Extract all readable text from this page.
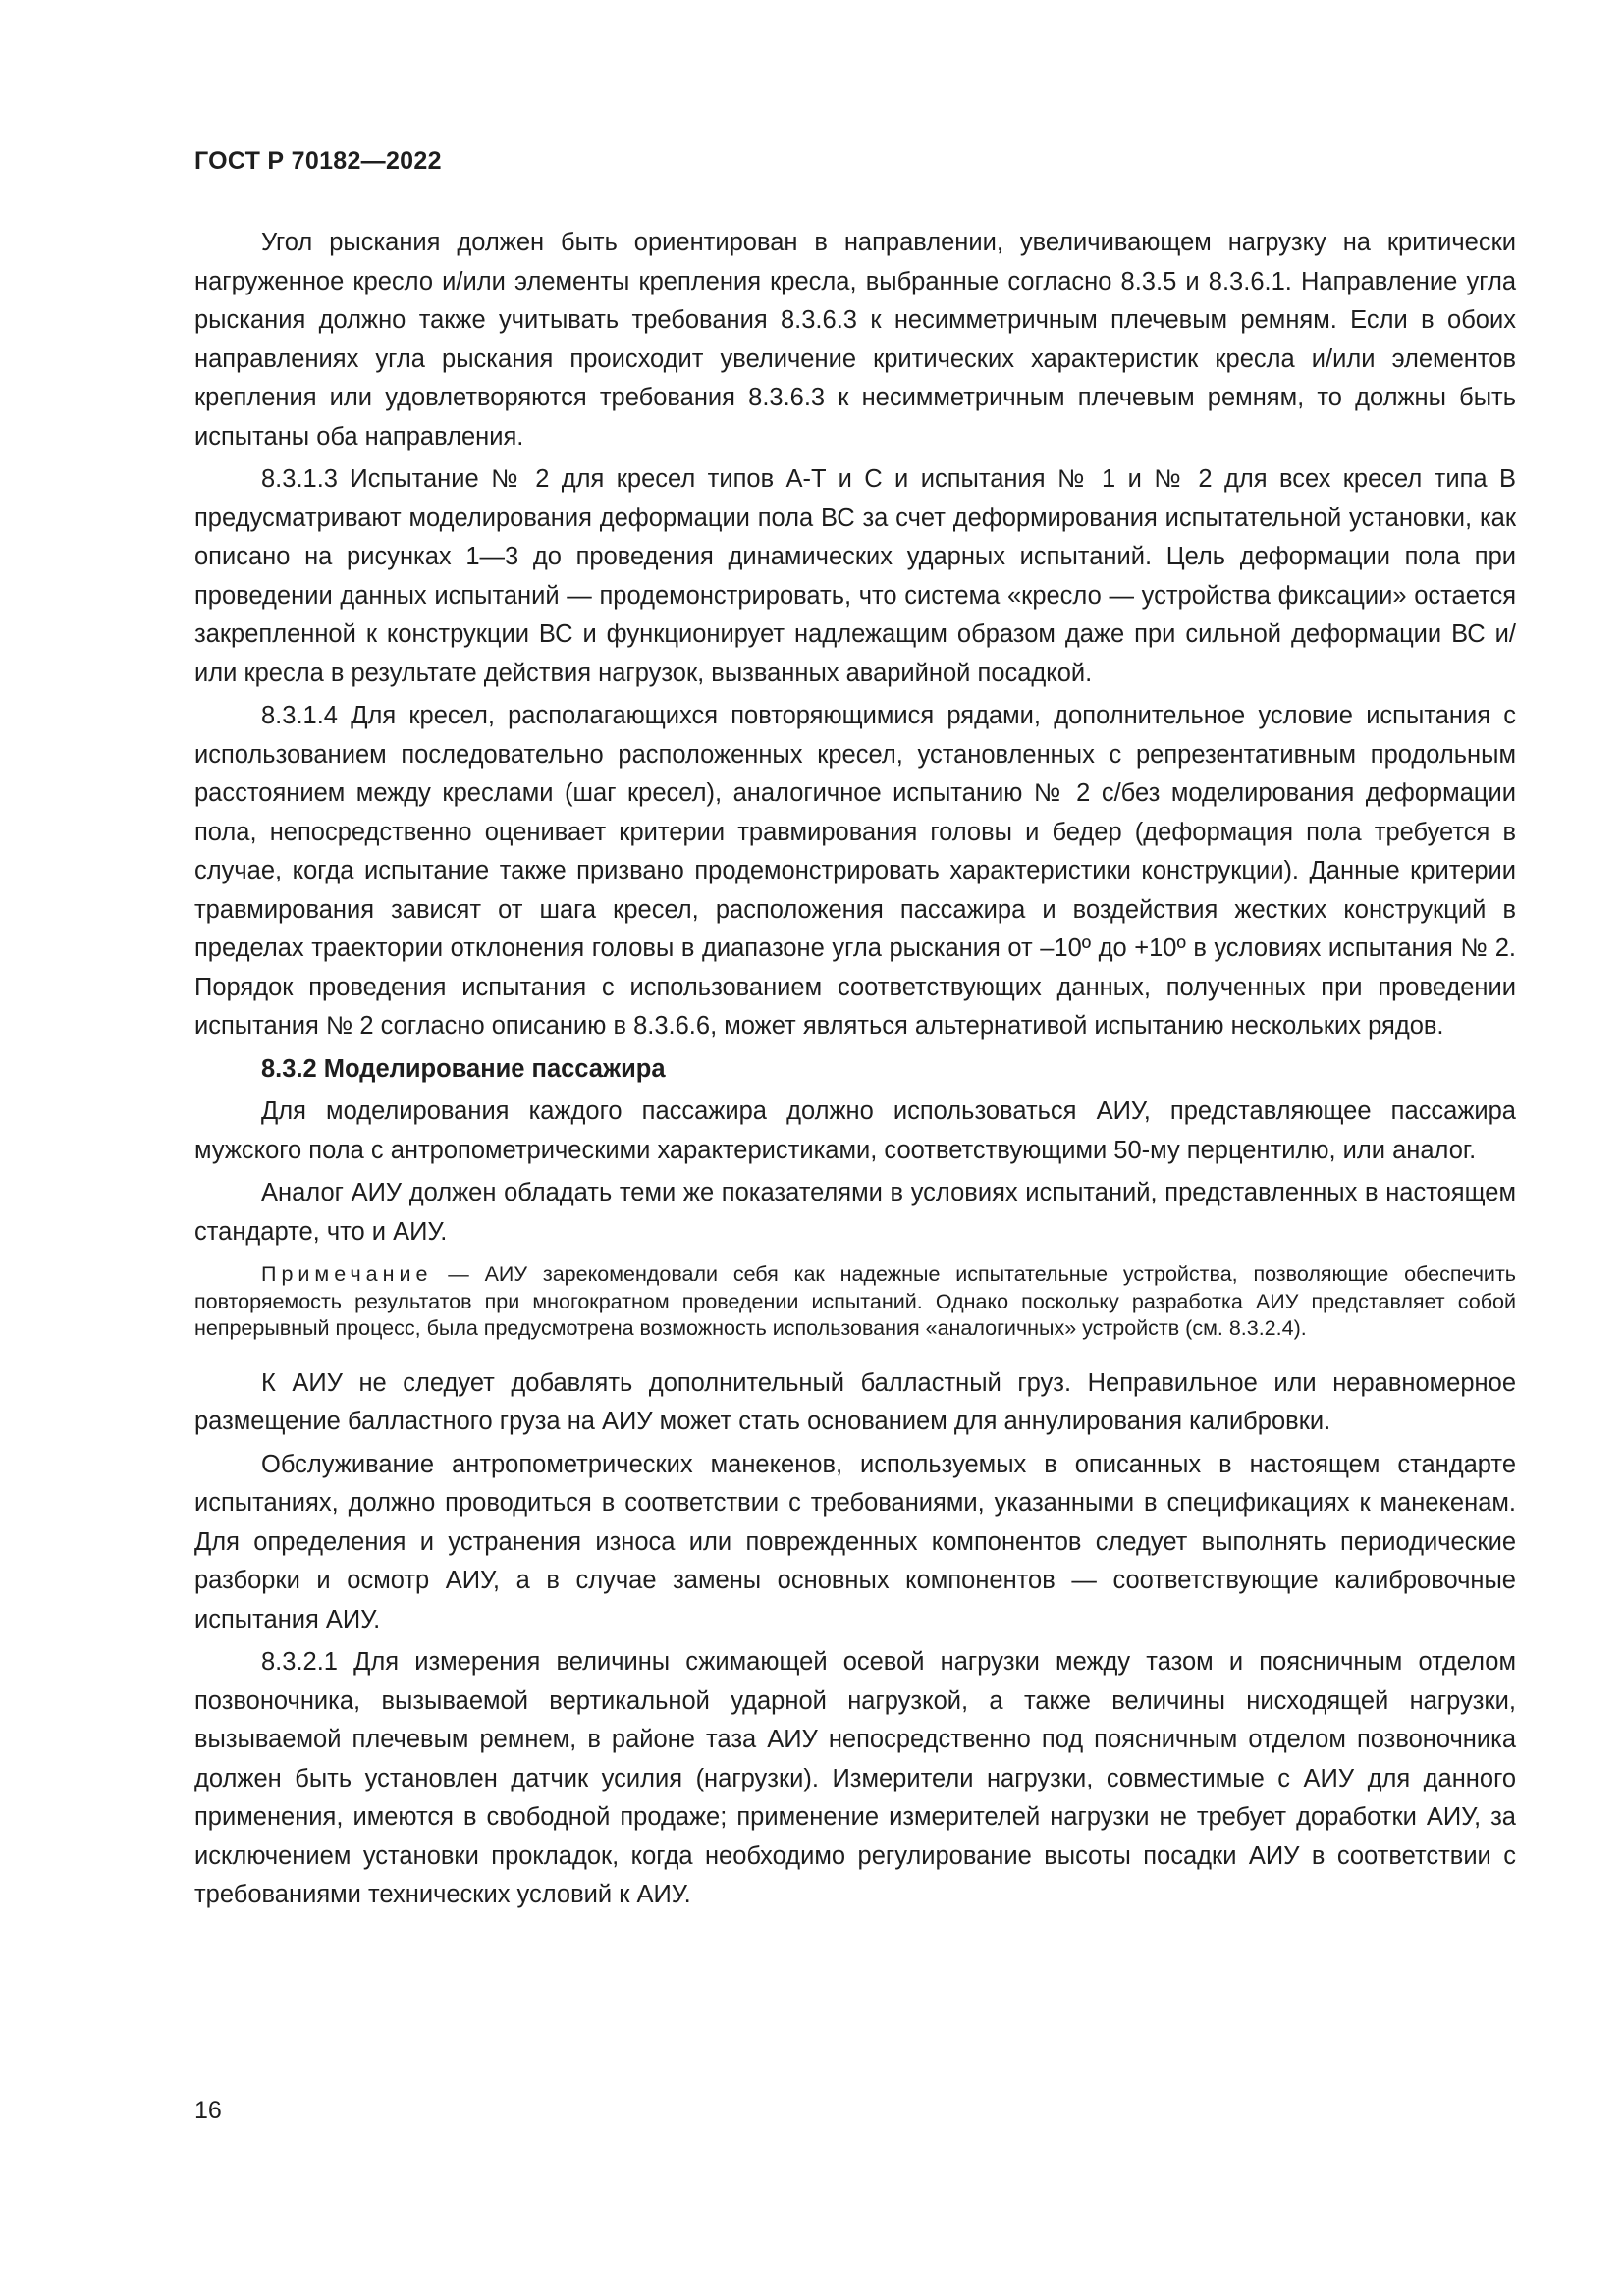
ГОСТ Р 70182—2022

Угол рыскания должен быть ориентирован в направлении, увеличивающем нагрузку на критически нагруженное кресло и/или элементы крепления кресла, выбранные согласно 8.3.5 и 8.3.6.1. Направление угла рыскания должно также учитывать требования 8.3.6.3 к несимметричным плечевым ремням. Если в обоих направлениях угла рыскания происходит увеличение критических характеристик кресла и/или элементов крепления или удовлетворяются требования 8.3.6.3 к несимметричным плечевым ремням, то должны быть испытаны оба направления.

8.3.1.3 Испытание № 2 для кресел типов A-T и C и испытания № 1 и № 2 для всех кресел типа B предусматривают моделирования деформации пола ВС за счет деформирования испытательной установки, как описано на рисунках 1—3 до проведения динамических ударных испытаний. Цель деформации пола при проведении данных испытаний — продемонстрировать, что система «кресло — устройства фиксации» остается закрепленной к конструкции ВС и функционирует надлежащим образом даже при сильной деформации ВС и/или кресла в результате действия нагрузок, вызванных аварийной посадкой.

8.3.1.4 Для кресел, располагающихся повторяющимися рядами, дополнительное условие испытания с использованием последовательно расположенных кресел, установленных с репрезентативным продольным расстоянием между креслами (шаг кресел), аналогичное испытанию № 2 с/без моделирования деформации пола, непосредственно оценивает критерии травмирования головы и бедер (деформация пола требуется в случае, когда испытание также призвано продемонстрировать характеристики конструкции). Данные критерии травмирования зависят от шага кресел, расположения пассажира и воздействия жестких конструкций в пределах траектории отклонения головы в диапазоне угла рыскания от –10º до +10º в условиях испытания № 2. Порядок проведения испытания с использованием соответствующих данных, полученных при проведении испытания № 2 согласно описанию в 8.3.6.6, может являться альтернативой испытанию нескольких рядов.

8.3.2 Моделирование пассажира

Для моделирования каждого пассажира должно использоваться АИУ, представляющее пассажира мужского пола с антропометрическими характеристиками, соответствующими 50-му перцентилю, или аналог.

Аналог АИУ должен обладать теми же показателями в условиях испытаний, представленных в настоящем стандарте, что и АИУ.

Примечание — АИУ зарекомендовали себя как надежные испытательные устройства, позволяющие обеспечить повторяемость результатов при многократном проведении испытаний. Однако поскольку разработка АИУ представляет собой непрерывный процесс, была предусмотрена возможность использования «аналогичных» устройств (см. 8.3.2.4).

К АИУ не следует добавлять дополнительный балластный груз. Неправильное или неравномерное размещение балластного груза на АИУ может стать основанием для аннулирования калибровки.

Обслуживание антропометрических манекенов, используемых в описанных в настоящем стандарте испытаниях, должно проводиться в соответствии с требованиями, указанными в спецификациях к манекенам. Для определения и устранения износа или поврежденных компонентов следует выполнять периодические разборки и осмотр АИУ, а в случае замены основных компонентов — соответствующие калибровочные испытания АИУ.

8.3.2.1 Для измерения величины сжимающей осевой нагрузки между тазом и поясничным отделом позвоночника, вызываемой вертикальной ударной нагрузкой, а также величины нисходящей нагрузки, вызываемой плечевым ремнем, в районе таза АИУ непосредственно под поясничным отделом позвоночника должен быть установлен датчик усилия (нагрузки). Измерители нагрузки, совместимые с АИУ для данного применения, имеются в свободной продаже; применение измерителей нагрузки не требует доработки АИУ, за исключением установки прокладок, когда необходимо регулирование высоты посадки АИУ в соответствии с требованиями технических условий к АИУ.

16
